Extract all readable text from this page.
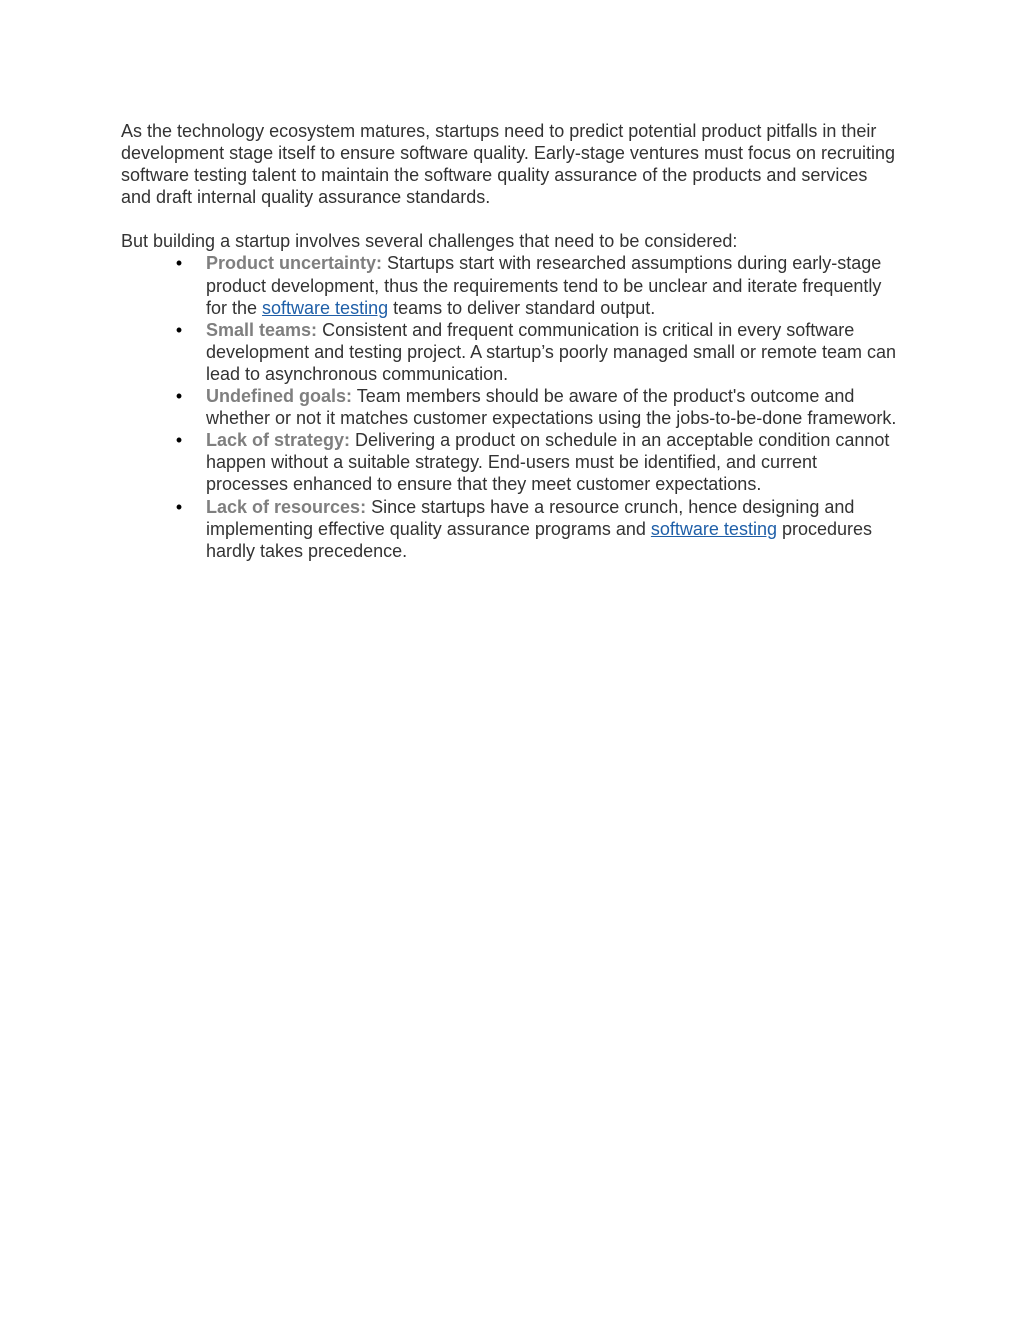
As the technology ecosystem matures, startups need to predict potential product pitfalls in their development stage itself to ensure software quality. Early-stage ventures must focus on recruiting software testing talent to maintain the software quality assurance of the products and services and draft internal quality assurance standards.

But building a startup involves several challenges that need to be considered:

• Product uncertainty: Startups start with researched assumptions during early-stage product development, thus the requirements tend to be unclear and iterate frequently for the software testing teams to deliver standard output.
• Small teams: Consistent and frequent communication is critical in every software development and testing project. A startup’s poorly managed small or remote team can lead to asynchronous communication.
• Undefined goals: Team members should be aware of the product's outcome and whether or not it matches customer expectations using the jobs-to-be-done framework.
• Lack of strategy: Delivering a product on schedule in an acceptable condition cannot happen without a suitable strategy. End-users must be identified, and current processes enhanced to ensure that they meet customer expectations.
• Lack of resources: Since startups have a resource crunch, hence designing and implementing effective quality assurance programs and software testing procedures hardly takes precedence.
